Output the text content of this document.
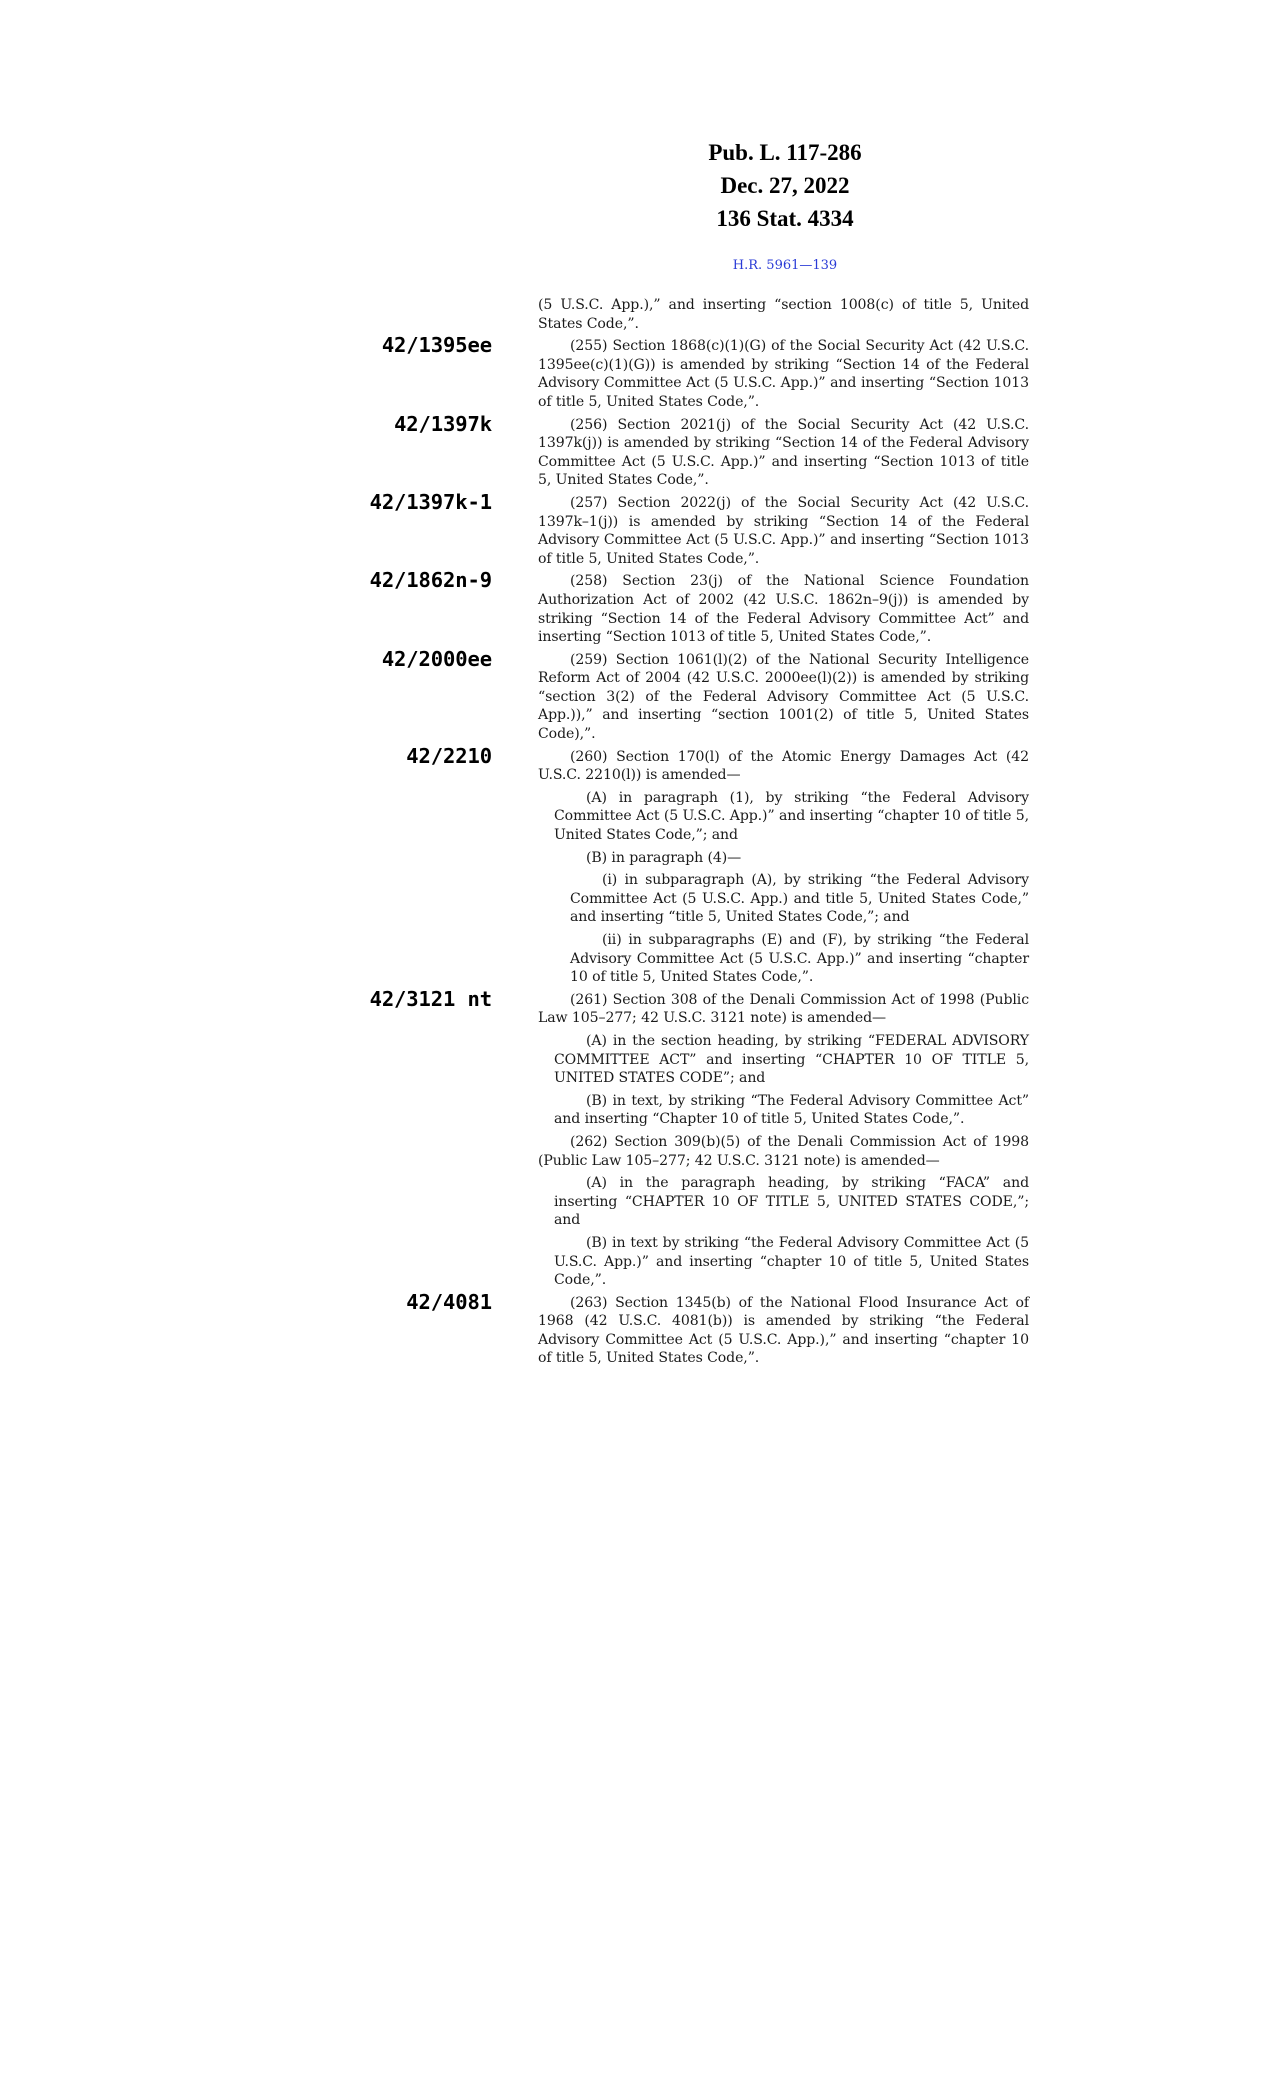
Pub. L. 117-286
Dec. 27, 2022
136 Stat. 4334
H.R. 5961—139
(5 U.S.C. App.),” and inserting “section 1008(c) of title 5, United States Code,”.
42/1395ee	(255) Section 1868(c)(1)(G) of the Social Security Act (42 U.S.C. 1395ee(c)(1)(G)) is amended by striking “Section 14 of the Federal Advisory Committee Act (5 U.S.C. App.)” and inserting “Section 1013 of title 5, United States Code,”.
42/1397k	(256) Section 2021(j) of the Social Security Act (42 U.S.C. 1397k(j)) is amended by striking “Section 14 of the Federal Advisory Committee Act (5 U.S.C. App.)” and inserting “Section 1013 of title 5, United States Code,”.
42/1397k-1	(257) Section 2022(j) of the Social Security Act (42 U.S.C. 1397k–1(j)) is amended by striking “Section 14 of the Federal Advisory Committee Act (5 U.S.C. App.)” and inserting “Section 1013 of title 5, United States Code,”.
42/1862n-9	(258) Section 23(j) of the National Science Foundation Authorization Act of 2002 (42 U.S.C. 1862n–9(j)) is amended by striking “Section 14 of the Federal Advisory Committee Act” and inserting “Section 1013 of title 5, United States Code,”.
42/2000ee	(259) Section 1061(l)(2) of the National Security Intelligence Reform Act of 2004 (42 U.S.C. 2000ee(l)(2)) is amended by striking “section 3(2) of the Federal Advisory Committee Act (5 U.S.C. App.)),” and inserting “section 1001(2) of title 5, United States Code),”.
42/2210	(260) Section 170(l) of the Atomic Energy Damages Act (42 U.S.C. 2210(l)) is amended—
(A) in paragraph (1), by striking “the Federal Advisory Committee Act (5 U.S.C. App.)” and inserting “chapter 10 of title 5, United States Code,”; and
(B) in paragraph (4)—
(i) in subparagraph (A), by striking “the Federal Advisory Committee Act (5 U.S.C. App.) and title 5, United States Code,” and inserting “title 5, United States Code,”; and
(ii) in subparagraphs (E) and (F), by striking “the Federal Advisory Committee Act (5 U.S.C. App.)” and inserting “chapter 10 of title 5, United States Code,”.
42/3121 nt	(261) Section 308 of the Denali Commission Act of 1998 (Public Law 105–277; 42 U.S.C. 3121 note) is amended—
(A) in the section heading, by striking “FEDERAL ADVISORY COMMITTEE ACT” and inserting “CHAPTER 10 OF TITLE 5, UNITED STATES CODE”; and
(B) in text, by striking “The Federal Advisory Committee Act” and inserting “Chapter 10 of title 5, United States Code,”.
(262) Section 309(b)(5) of the Denali Commission Act of 1998 (Public Law 105–277; 42 U.S.C. 3121 note) is amended—
(A) in the paragraph heading, by striking “FACA” and inserting “CHAPTER 10 OF TITLE 5, UNITED STATES CODE,”; and
(B) in text by striking “the Federal Advisory Committee Act (5 U.S.C. App.)” and inserting “chapter 10 of title 5, United States Code,”.
42/4081	(263) Section 1345(b) of the National Flood Insurance Act of 1968 (42 U.S.C. 4081(b)) is amended by striking “the Federal Advisory Committee Act (5 U.S.C. App.),” and inserting “chapter 10 of title 5, United States Code,”.
